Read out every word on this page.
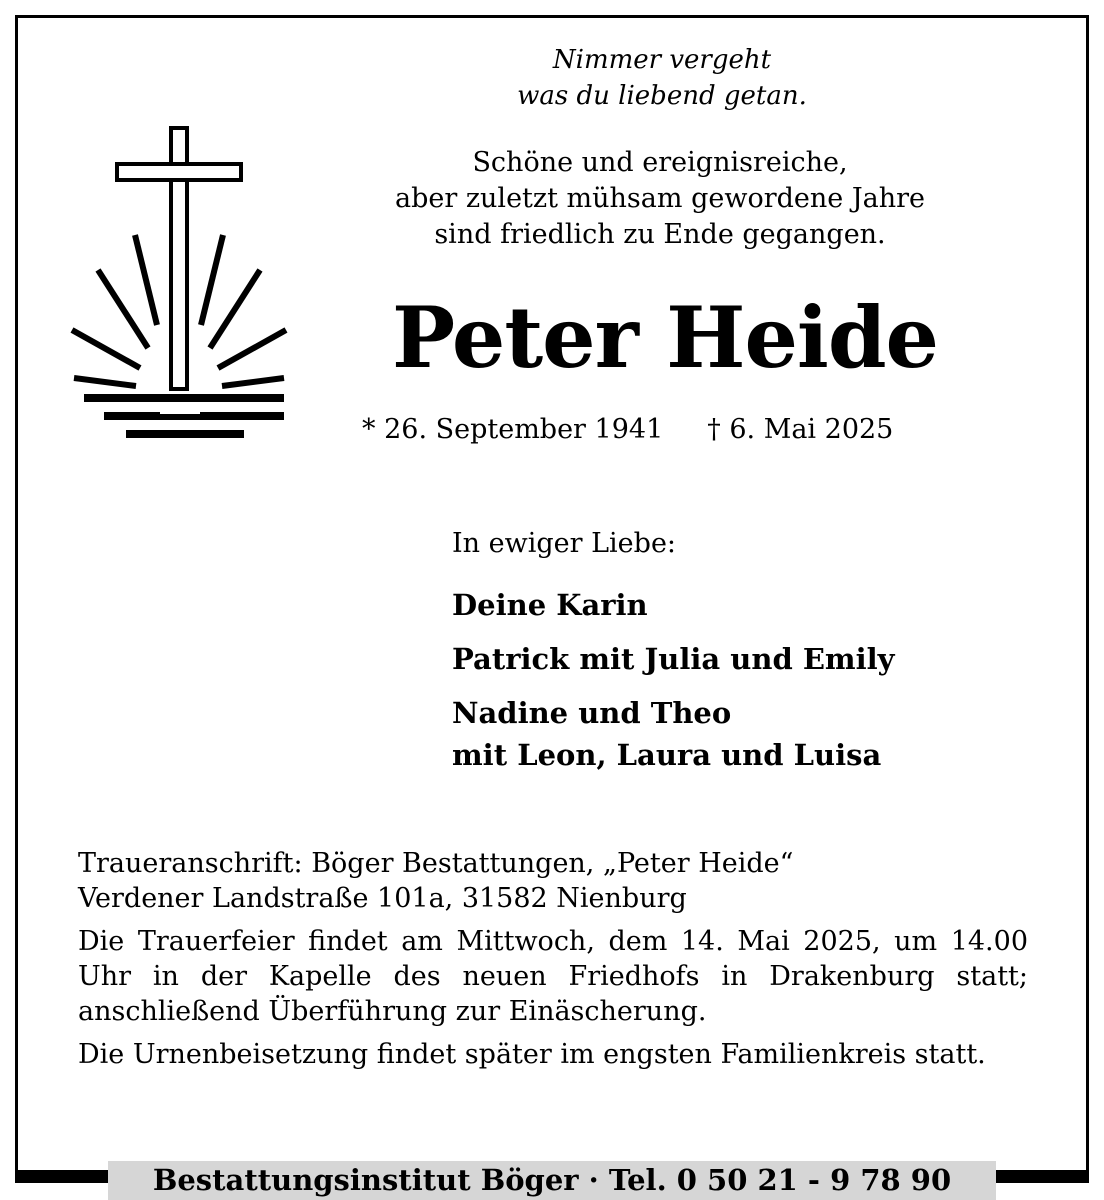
Nimmer vergeht
was du liebend getan.
Schöne und ereignisreiche,
aber zuletzt mühsam gewordene Jahre
sind friedlich zu Ende gegangen.
Peter Heide
* 26. September 1941 † 6. Mai 2025
In ewiger Liebe:
Deine Karin
Patrick mit Julia und Emily
Nadine und Theo
mit Leon, Laura und Luisa

Traueranschrift: Böger Bestattungen, „Peter Heide“
Verdener Landstraße 101a, 31582 Nienburg

Die Trauerfeier findet am Mittwoch, dem 14. Mai 2025, um 14.00 Uhr in der Kapelle des neuen Friedhofs in Drakenburg statt; anschließend Überführung zur Einäscherung.

Die Urnenbeisetzung findet später im engsten Familienkreis statt.

Bestattungsinstitut Böger · Tel. 0 50 21 - 9 78 90
